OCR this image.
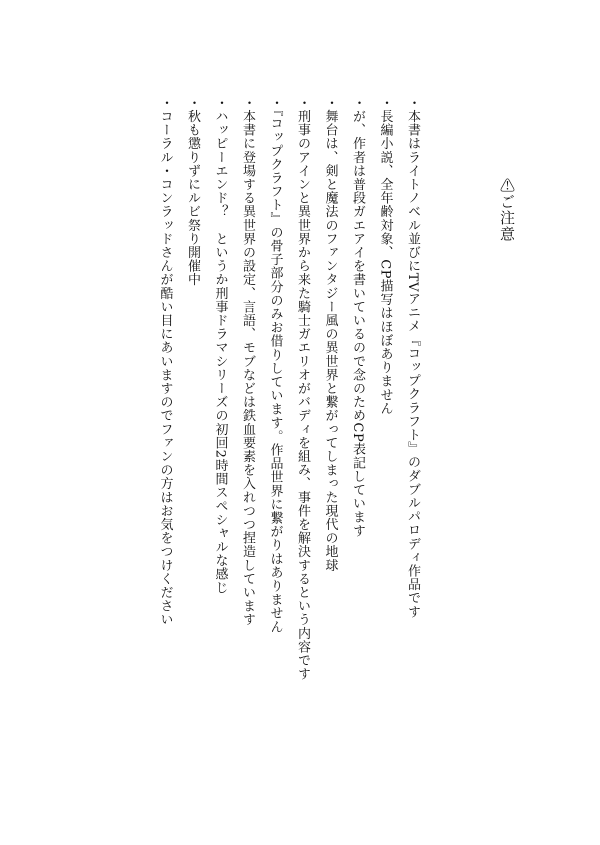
⚠ご注意
・本書はライトノベル並びにTVアニメ『コップクラフト』のダブルパロディ作品です
・長編小説、全年齢対象、CP描写はほぼありません
・が、作者は普段ガエアイを書いているので念のためCP表記しています
・舞台は、剣と魔法のファンタジー風の異世界と繋がってしまった現代の地球
・刑事のアインと異世界から来た騎士ガエリオがバディを組み、事件を解決するという内容です
・『コップクラフト』の骨子部分のみお借りしています。作品世界に繋がりはありません
・本書に登場する異世界の設定、言語、モブなどは鉄血要素を入れつつ捏造しています
・ハッピーエンド？　というか刑事ドラマシリーズの初回2時間スペシャルな感じ
・秋も懲りずにルビ祭り開催中
・コーラル・コンラッドさんが酷い目にあいますのでファンの方はお気をつけください
